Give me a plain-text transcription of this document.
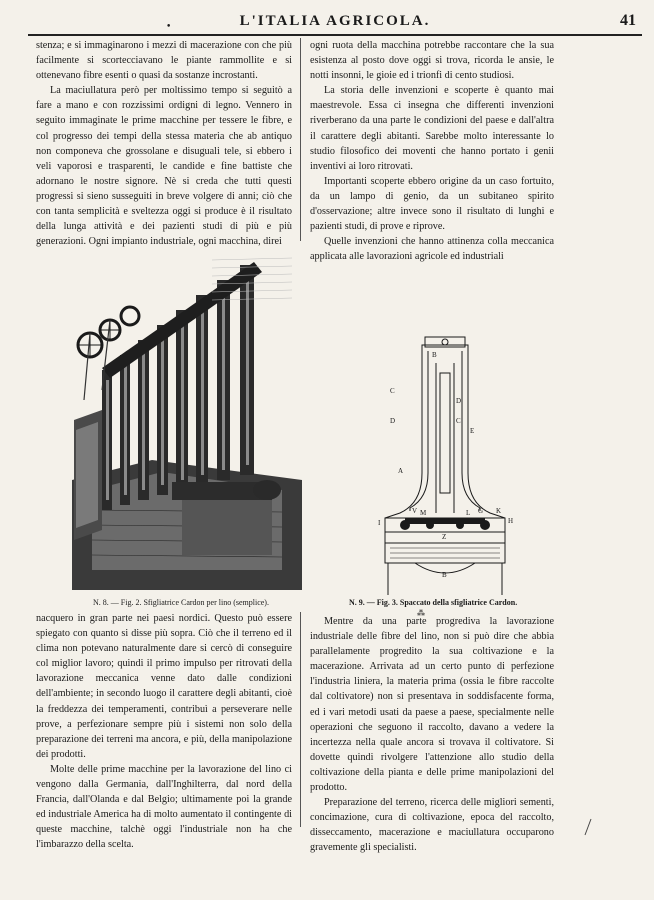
L'ITALIA AGRICOLA.	41
•

stenza; e si immaginarono i mezzi di macerazione con che più facilmente si scortecciavano le piante rammollite e si ottenevano fibre esenti o quasi da sostanze incrostanti.

La maciullatura però per moltissimo tempo si seguitò a fare a mano e con rozzissimi ordigni di legno. Vennero in seguito immaginate le prime macchine per tessere le fibre, e col progresso dei tempi della stessa materia che ab antiquo non componeva che grossolane e disuguali tele, si ebbero i veli vaporosi e trasparenti, le candide e fine battiste che adornano le nostre signore. Nè si creda che tutti questi progressi si sieno susseguiti in breve volgere di anni; ciò che con tanta semplicità e sveltezza oggi si produce è il risultato della lunga attività e dei pazienti studi di più e più generazioni. Ogni impianto industriale, ogni macchina, direi

ogni ruota della macchina potrebbe raccontare che la sua esistenza al posto dove oggi si trova, ricorda le ansie, le notti insonni, le gioie ed i trionfi di cento studiosi.

La storia delle invenzioni e scoperte è quanto mai maestrevole. Essa ci insegna che differenti invenzioni riverberano da una parte le condizioni del paese e dall'altra il carattere degli abitanti. Sarebbe molto interessante lo studio filosofico dei moventi che hanno portato i genii inventivi ai loro ritrovati.

Importanti scoperte ebbero origine da un caso fortuito, da un lampo di genio, da un subitaneo spirito d'osservazione; altre invece sono il risultato di lunghi e pazienti studi, di prove e riprove.

Quelle invenzioni che hanno attinenza colla meccanica applicata alle lavorazioni agricole ed industriali

N. 8. — Fig. 2. Sfigliatrice Cardon per lino (semplice).
B
C
D
C
A
E
D
H
M	L
I
V	G K
Z
B
N. 9. — Fig. 3. Spaccato della sfigliatrice Cardon.

nacquero in gran parte nei paesi nordici. Questo può essere spiegato con quanto si disse più sopra. Ciò che il terreno ed il clima non potevano naturalmente dare si cercò di conseguire col miglior lavoro; quindi il primo impulso per ritrovati della lavorazione meccanica venne dato dalle condizioni dell'ambiente; in secondo luogo il carattere degli abitanti, cioè la freddezza dei temperamenti, contribuì a perseverare nelle prove, a perfezionare sempre più i sistemi non solo della preparazione dei terreni ma ancora, e più, della manipolazione dei prodotti.

Molte delle prime macchine per la lavorazione del lino ci vengono dalla Germania, dall'Inghilterra, dal nord della Francia, dall'Olanda e dal Belgio; ultimamente poi la grande ed industriale America ha di molto aumentato il contingente di queste macchine, talchè oggi l'industriale non ha che l'imbarazzo della scelta.

⁂

Mentre da una parte progrediva la lavorazione industriale delle fibre del lino, non si può dire che abbia parallelamente progredito la sua coltivazione e la macerazione. Arrivata ad un certo punto di perfezione l'industria liniera, la materia prima (ossia le fibre raccolte dal coltivatore) non si presentava in soddisfacente forma, ed i vari metodi usati da paese a paese, specialmente nelle operazioni che seguono il raccolto, davano a vedere la incertezza nella quale ancora si trovava il coltivatore. Si dovette quindi rivolgere l'attenzione allo studio della coltivazione della pianta e delle prime manipolazioni del prodotto.

Preparazione del terreno, ricerca delle migliori sementi, concimazione, cura di coltivazione, epoca del raccolto, disseccamento, macerazione e maciullatura occuparono gravemente gli specialisti.
